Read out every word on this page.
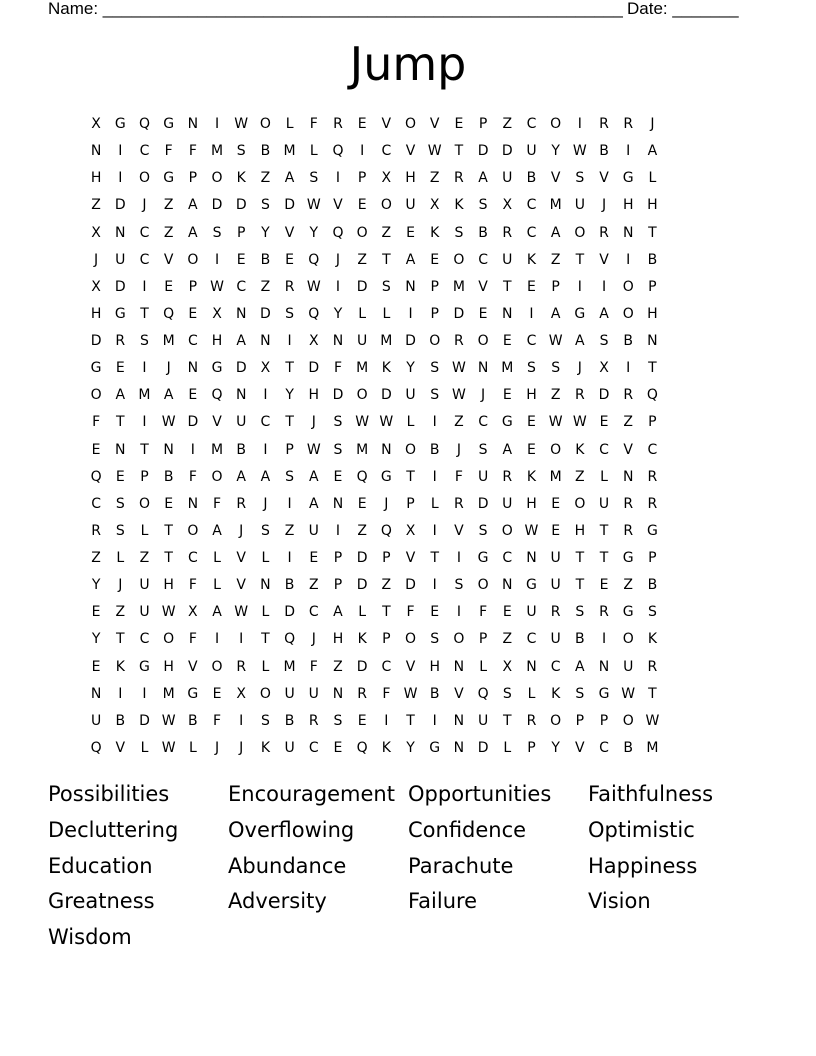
Name: _______________________________________________________ Date: _______
Jump
X G Q G N	I	W O	L	F	R	E	V O V	E	P	Z	C O	I	R	R	J
N	I	C	F	F	M S	B M	L	Q	I	C	V W T	D D U	Y W B	I	A
H	I	O G	P	O	K	Z	A	S	I	P	X	H	Z	R	A	U	B	V	S	V G	L
Z	D	J	Z	A	D D	S	D W V	E	O U	X	K	S	X	C M U	J	H H
X	N	C	Z	A	S	P	Y	V	Y	Q O Z	E	K	S	B	R	C	A O R	N	T
J	U	C	V O	I	E	B	E	Q	J	Z	T	A	E	O C	U	K	Z	T	V	I	B
X	D	I	E	P W C	Z	R W	I	D	S	N	P M V	T	E	P	I	I	O	P
H G	T	Q	E	X	N D	S	Q	Y	L	L	I	P	D	E	N	I	A G A O H
D R	S M C	H	A	N	I	X	N U M D O R O	E	C W A	S	B	N
G	E	I	J	N G D	X	T	D	F	M K	Y	S W N M S	S	J	X	I	T
O A M A	E	Q N	I	Y	H D O D U	S W	J	E	H	Z	R D R Q
F	T	I	W D	V	U	C	T	J	S W W L	I	Z	C G	E W W E	Z	P
E	N	T	N	I	M B	I	P W S M N O B	J	S	A	E	O	K	C	V	C
Q	E	P	B	F	O A	A	S	A	E	Q G	T	I	F	U	R	K M Z	L	N	R
C	S	O	E	N	F	R	J	I	A	N	E	J	P	L	R D U H	E	O U	R	R
R	S	L	T	O A	J	S	Z	U	I	Z Q X	I	V	S	O W E	H	T	R G
Z	L	Z	T	C	L	V	L	I	E	P	D	P	V	T	I	G C	N U	T	T	G	P
Y	J	U H	F	L	V	N	B	Z	P	D	Z	D	I	S	O N G U	T	E	Z	B
E	Z	U W X	A W L	D C	A	L	T	F	E	I	F	E	U	R	S	R G	S
Y	T	C O	F	I	I	T	Q	J	H	K	P	O	S	O	P	Z	C	U	B	I	O	K
E	K	G H	V O R	L	M	F	Z	D C	V	H N	L	X	N	C	A	N U	R
N	I	I	M G	E	X O U U N	R	F W B	V Q	S	L	K	S	G W T
U	B	D W B	F	I	S	B	R	S	E	I	T	I	N U	T	R O	P	P	O W
Q V	L W L	J	J	K	U	C	E	Q	K	Y	G N D	L	P	Y	V	C	B M
Possibilities	Encouragement Opportunities Faithfulness
Decluttering Overflowing	Confidence	Optimistic
Education	Abundance	Parachute	Happiness
Greatness	Adversity	Failure	Vision
Wisdom
